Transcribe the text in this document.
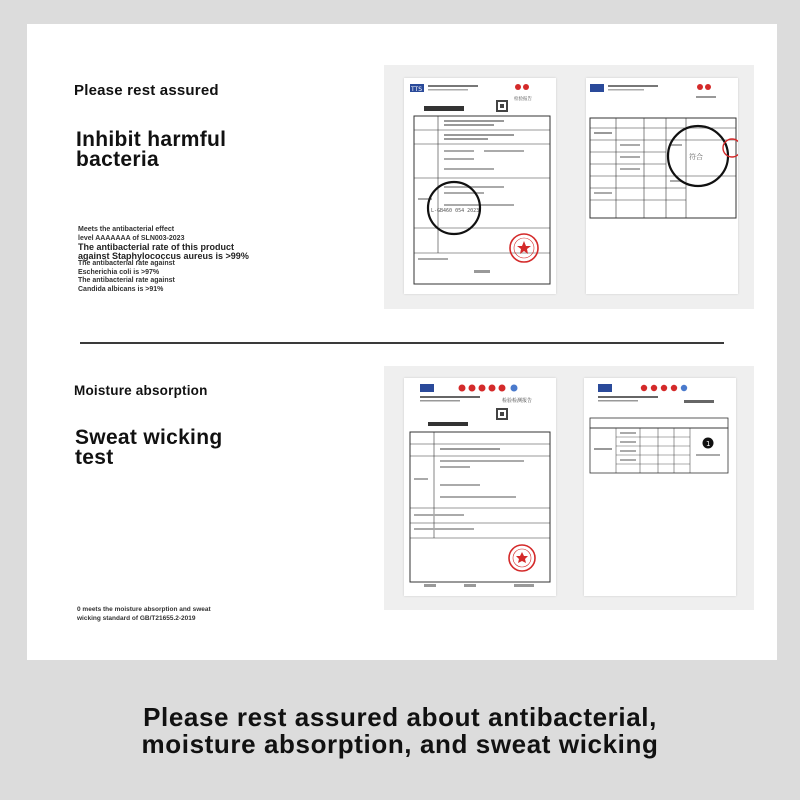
Please rest assured

Inhibit harmful bacteria

Meets the antibacterial effect
level AAAAAAA of SLN003-2023
The antibacterial rate of this product
against Staphylococcus aureus is >99%
The antibacterial rate against
Escherichia coli is >97%
The antibacterial rate against
Candida albicans is >91%

Moisture absorption

Sweat wicking test

0 meets the moisture absorption and sweat
wicking standard of GB/T21655.2-2019
TTS
检验报告
L-GB460 054 2023
符合
检验检测报告
1

Please rest assured about antibacterial,
moisture absorption, and sweat wicking
